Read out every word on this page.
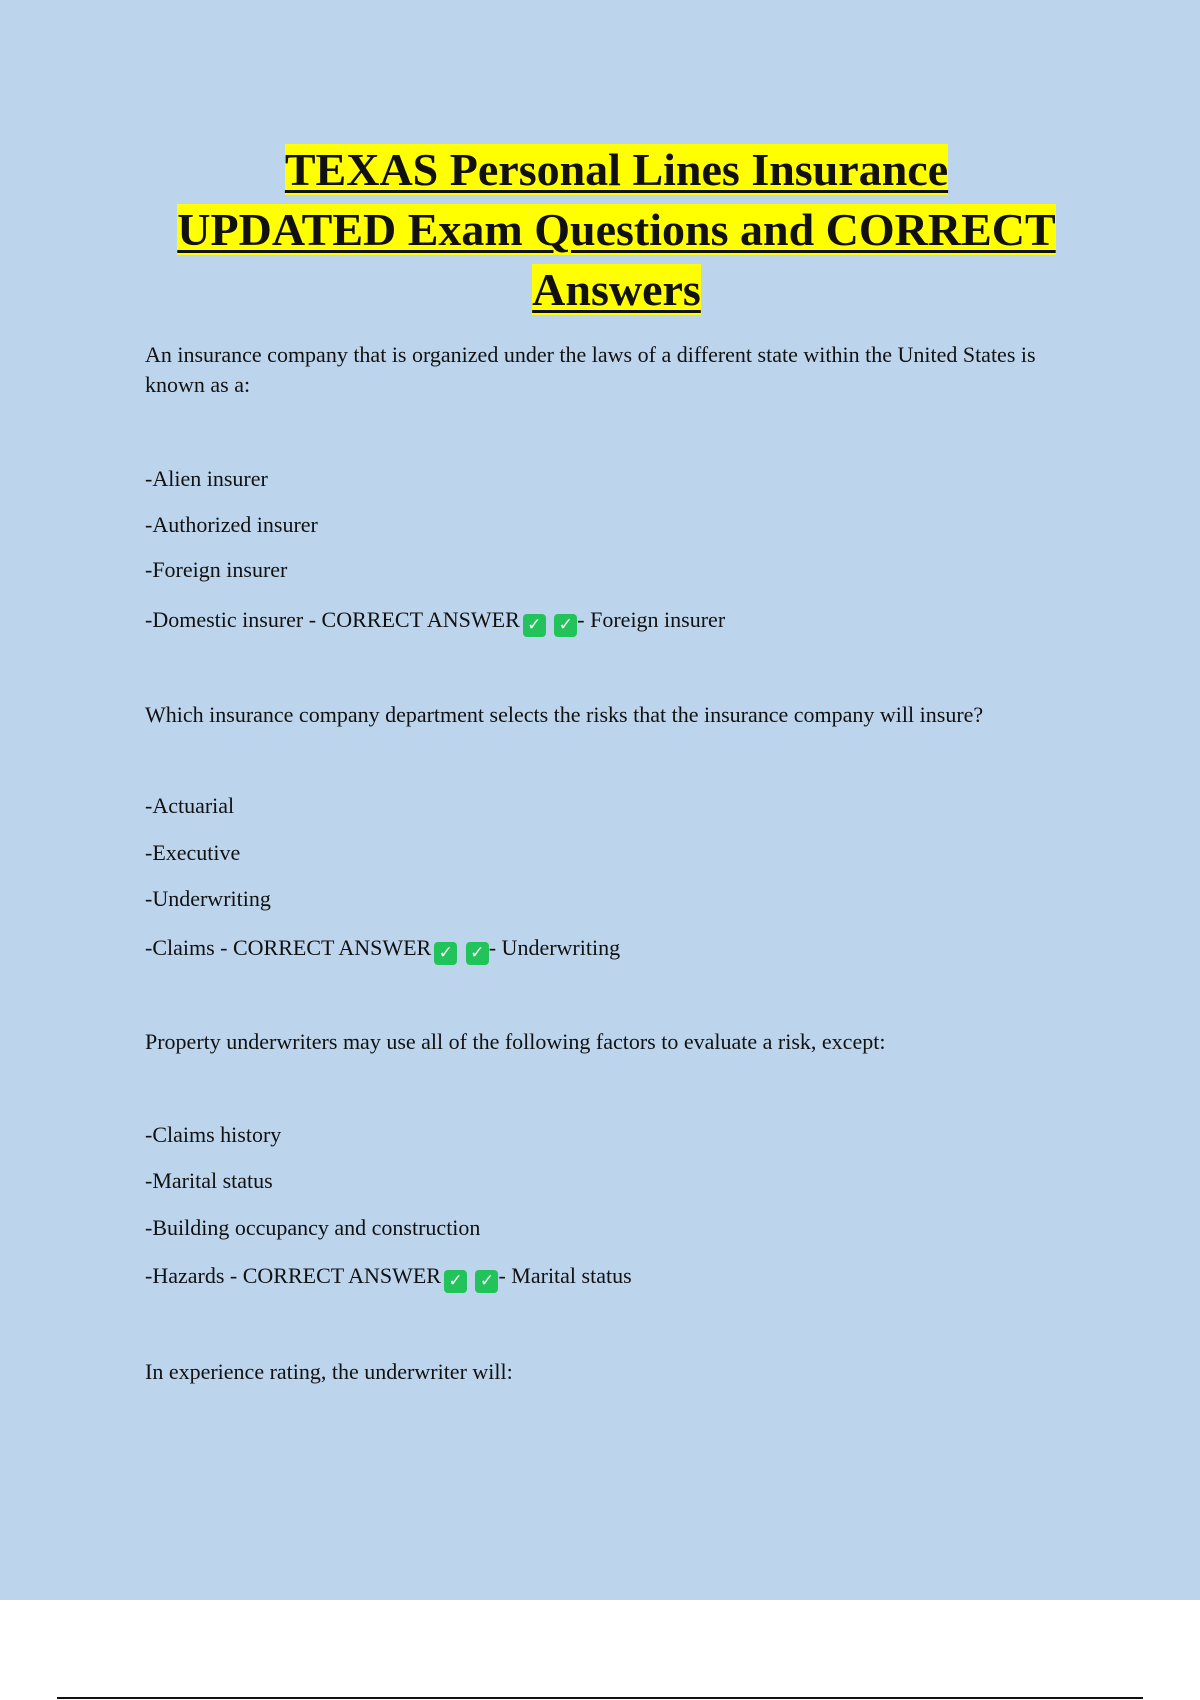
TEXAS Personal Lines Insurance
UPDATED Exam Questions and CORRECT
Answers

An insurance company that is organized under the laws of a different state within the United States is known as a:

-Alien insurer

-Authorized insurer

-Foreign insurer

-Domestic insurer - CORRECT ANSWER ✓ ✓ - Foreign insurer

Which insurance company department selects the risks that the insurance company will insure?

-Actuarial

-Executive

-Underwriting

-Claims - CORRECT ANSWER ✓ ✓ - Underwriting

Property underwriters may use all of the following factors to evaluate a risk, except:

-Claims history

-Marital status

-Building occupancy and construction

-Hazards - CORRECT ANSWER ✓ ✓ - Marital status

In experience rating, the underwriter will:
